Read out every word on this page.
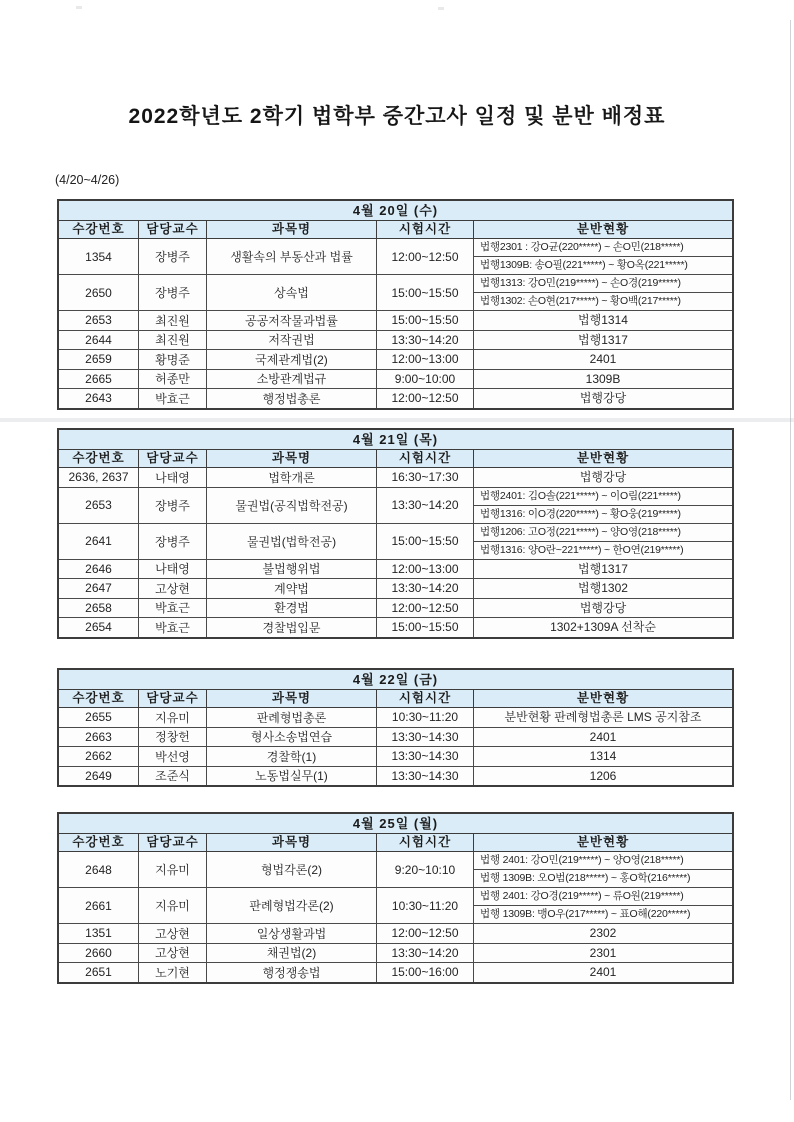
2022학년도 2학기 법학부 중간고사 일정 및 분반 배정표
(4/20~4/26)
4월 20일 (수)
수강번호	담당교수	과목명	시험시간	분반현황
1354	장병주	생활속의 부동산과 법률	12:00~12:50
법행2301 : 강O균(220*****) ~ 손O민(218*****)
법행1309B: 송O필(221*****) ~ 황O옥(221*****)
2650	장병주	상속법	15:00~15:50
법행1313: 강O민(219*****) ~ 손O경(219*****)
법행1302: 손O현(217*****) ~ 황O백(217*****)
2653	최진원	공공저작물과법률	15:00~15:50	법행1314
2644	최진원	저작권법	13:30~14:20	법행1317
2659	황명준	국제관계법(2)	12:00~13:00	2401
2665	허종만	소방관계법규	9:00~10:00	1309B
2643	박효근	행정법총론	12:00~12:50	법행강당
4월 21일 (목)
수강번호	담당교수	과목명	시험시간	분반현황
2636, 2637	나태영	법학개론	16:30~17:30	법행강당
2653	장병주	물권법(공직법학전공)	13:30~14:20
법행2401: 김O솔(221*****) ~ 이O림(221*****)
법행1316: 이O경(220*****) ~ 황O웅(219*****)
2641	장병주	물권법(법학전공)	15:00~15:50
법행1206: 고O정(221*****) ~ 양O영(218*****)
법행1316: 양O란~221*****) ~ 한O연(219*****)
2646	나태영	불법행위법	12:00~13:00	법행1317
2647	고상현	계약법	13:30~14:20	법행1302
2658	박효근	환경법	12:00~12:50	법행강당
2654	박효근	경찰법입문	15:00~15:50	1302+1309A 선착순
4월 22일 (금)
수강번호	담당교수	과목명	시험시간	분반현황
2655	지유미	판례형법총론	10:30~11:20	분반현황 판례형법총론 LMS 공지참조
2663	정창헌	형사소송법연습	13:30~14:30	2401
2662	박선영	경찰학(1)	13:30~14:30	1314
2649	조준식	노동법실무(1)	13:30~14:30	1206
4월 25일 (월)
수강번호	담당교수	과목명	시험시간	분반현황
2648	지유미	형법각론(2)	9:20~10:10
법행 2401: 강O민(219*****) ~ 양O영(218*****)
법행 1309B: 오O범(218*****) ~ 홍O학(216*****)
2661	지유미	판례형법각론(2)	10:30~11:20
법행 2401: 강O경(219*****) ~ 류O원(219*****)
법행 1309B: 맹O우(217*****) ~ 표O해(220*****)
1351	고상현	일상생활과법	12:00~12:50	2302
2660	고상현	채권법(2)	13:30~14:20	2301
2651	노기현	행정쟁송법	15:00~16:00	2401
